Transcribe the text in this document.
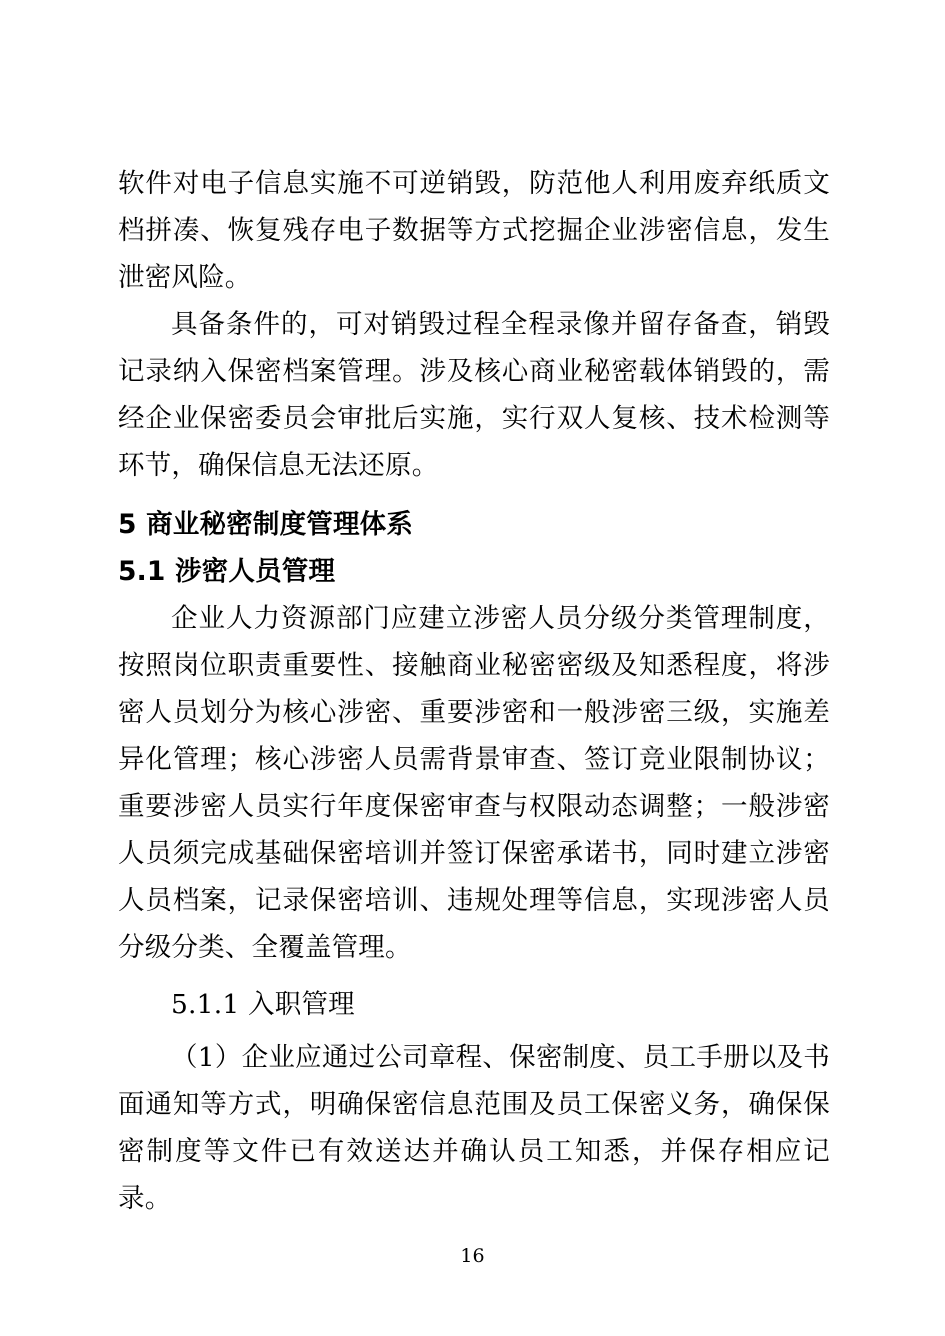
软件对电子信息实施不可逆销毁，防范他人利用废弃纸质文档拼凑、恢复残存电子数据等方式挖掘企业涉密信息，发生泄密风险。

具备条件的，可对销毁过程全程录像并留存备查，销毁记录纳入保密档案管理。涉及核心商业秘密载体销毁的，需经企业保密委员会审批后实施，实行双人复核、技术检测等环节，确保信息无法还原。

5 商业秘密制度管理体系
5.1 涉密人员管理

企业人力资源部门应建立涉密人员分级分类管理制度，按照岗位职责重要性、接触商业秘密密级及知悉程度，将涉密人员划分为核心涉密、重要涉密和一般涉密三级，实施差异化管理；核心涉密人员需背景审查、签订竞业限制协议；重要涉密人员实行年度保密审查与权限动态调整；一般涉密人员须完成基础保密培训并签订保密承诺书，同时建立涉密人员档案，记录保密培训、违规处理等信息，实现涉密人员分级分类、全覆盖管理。

5.1.1 入职管理

（1）企业应通过公司章程、保密制度、员工手册以及书面通知等方式，明确保密信息范围及员工保密义务，确保保密制度等文件已有效送达并确认员工知悉，并保存相应记录。

16
